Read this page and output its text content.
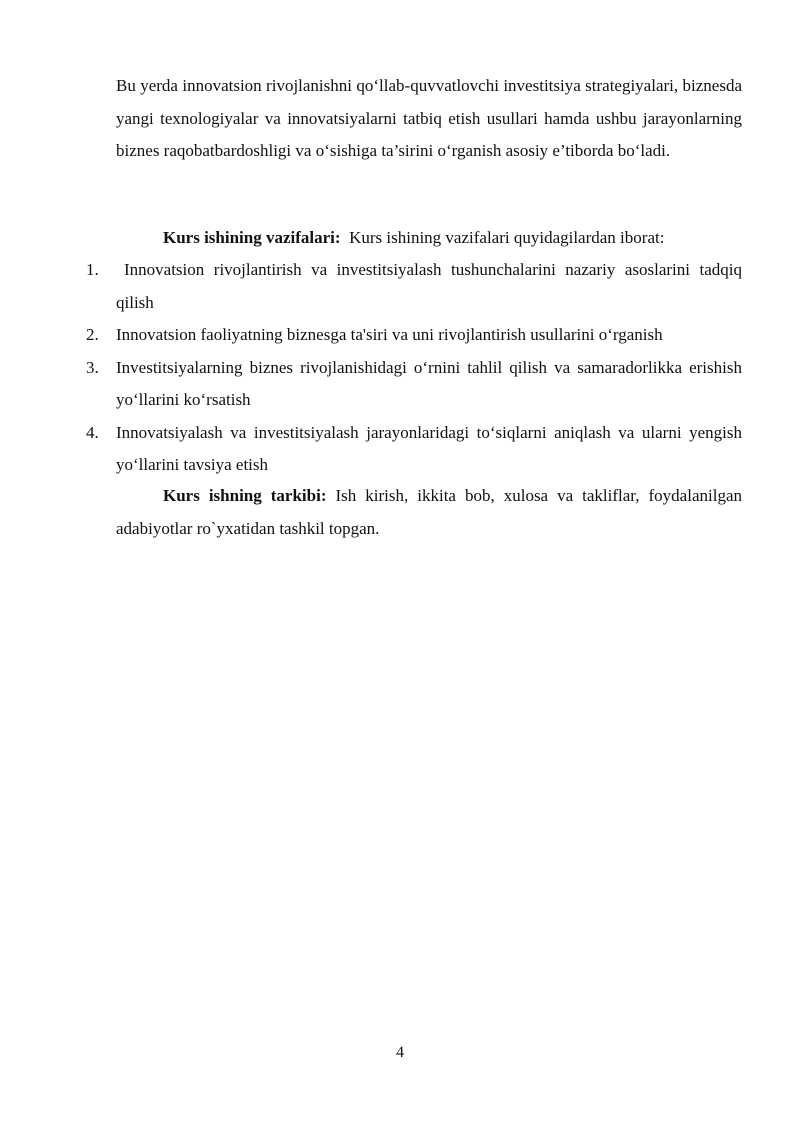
Bu yerda innovatsion rivojlanishni qo‘llab-quvvatlovchi investitsiya strategiyalari, biznesda yangi texnologiyalar va innovatsiyalarni tatbiq etish usullari hamda ushbu jarayonlarning biznes raqobatbardoshligi va o‘sishiga ta’sirini o‘rganish asosiy e’tiborda bo‘ladi.

Kurs ishining vazifalari: Kurs ishining vazifalari quyidagilardan iborat:

1.	Innovatsion rivojlantirish va investitsiyalash tushunchalarini nazariy asoslarini tadqiq qilish
2. Innovatsion faoliyatning biznesga ta'siri va uni rivojlantirish usullarini o‘rganish
3. Investitsiyalarning biznes rivojlanishidagi o‘rnini tahlil qilish va samaradorlikka erishish yo‘llarini ko‘rsatish
4. Innovatsiyalash va investitsiyalash jarayonlaridagi to‘siqlarni aniqlash va ularni yengish yo‘llarini tavsiya etish

Kurs ishning tarkibi: Ish kirish, ikkita bob, xulosa va takliflar, foydalanilgan adabiyotlar ro`yxatidan tashkil topgan.

4
